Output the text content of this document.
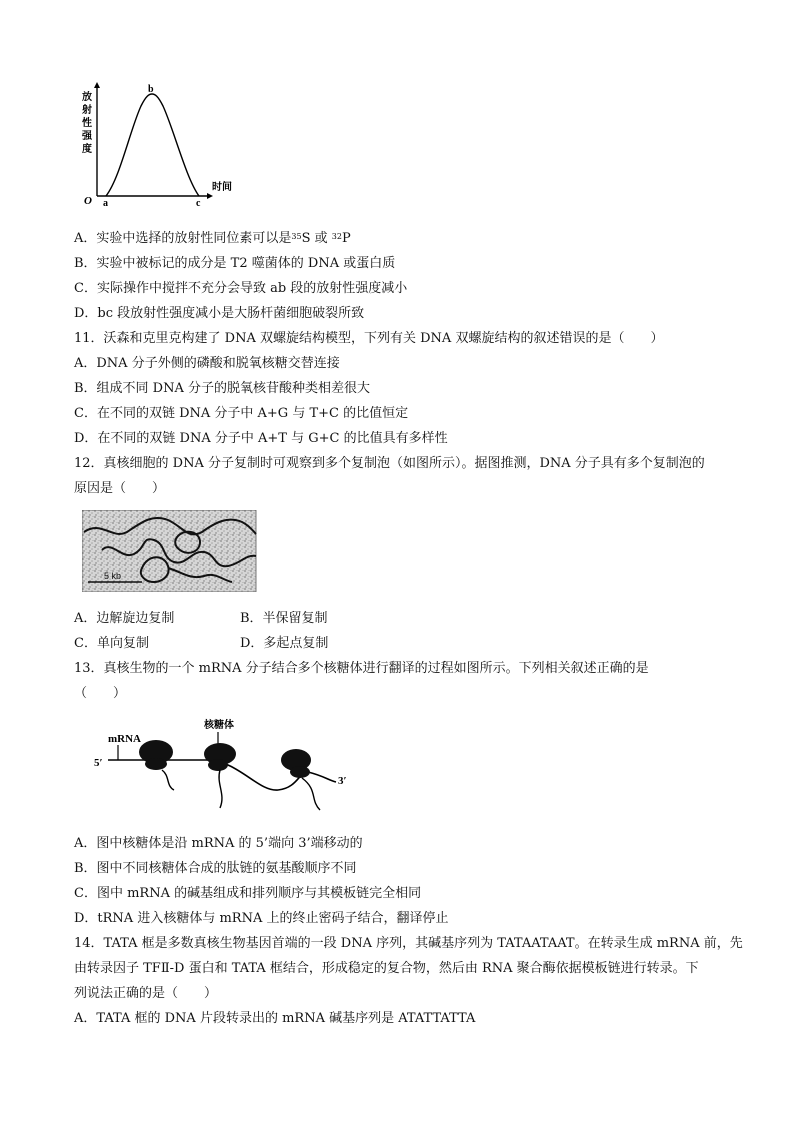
放
射
性
强
度
时间
O a
b
c
A．实验中选择的放射性同位素可以是$^{35}$S 或 $^{32}$P
B．实验中被标记的成分是 T2 噬菌体的 DNA 或蛋白质
C．实际操作中搅拌不充分会导致 ab 段的放射性强度减小
D．bc 段放射性强度减小是大肠杆菌细胞破裂所致
11．沃森和克里克构建了 DNA 双螺旋结构模型，下列有关 DNA 双螺旋结构的叙述错误的是（　　）
A．DNA 分子外侧的磷酸和脱氧核糖交替连接
B．组成不同 DNA 分子的脱氧核苷酸种类相差很大
C．在不同的双链 DNA 分子中 A+G 与 T+C 的比值恒定
D．在不同的双链 DNA 分子中 A+T 与 G+C 的比值具有多样性
12．真核细胞的 DNA 分子复制时可观察到多个复制泡（如图所示）。据图推测，DNA 分子具有多个复制泡的
原因是（　　）
5 kb
A．边解旋边复制	B．半保留复制
C．单向复制	D．多起点复制
13．真核生物的一个 mRNA 分子结合多个核糖体进行翻译的过程如图所示。下列相关叙述正确的是
（　　）
mRNA
核糖体
5′
3′
A．图中核糖体是沿 mRNA 的 5’端向 3’端移动的
B．图中不同核糖体合成的肽链的氨基酸顺序不同
C．图中 mRNA 的碱基组成和排列顺序与其模板链完全相同
D．tRNA 进入核糖体与 mRNA 上的终止密码子结合，翻译停止
14．TATA 框是多数真核生物基因首端的一段 DNA 序列，其碱基序列为 TATAATAAT。在转录生成 mRNA 前，先
由转录因子 TFⅡ-D 蛋白和 TATA 框结合，形成稳定的复合物，然后由 RNA 聚合酶依据模板链进行转录。下
列说法正确的是（　　）
A．TATA 框的 DNA 片段转录出的 mRNA 碱基序列是 ATATTATTA
